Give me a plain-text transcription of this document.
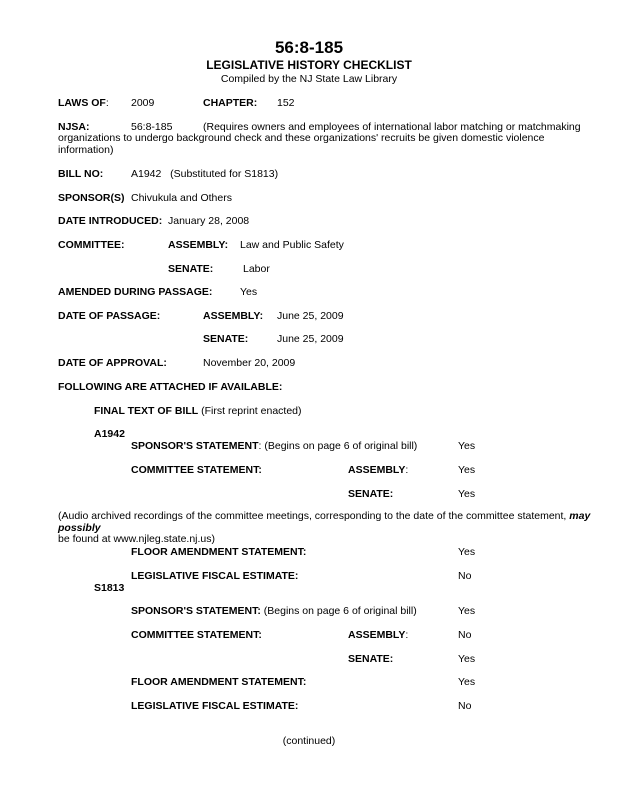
56:8-185
LEGISLATIVE HISTORY CHECKLIST
Compiled by the NJ State Law Library
LAWS OF: 2009	CHAPTER: 152
NJSA:	56:8-185	(Requires owners and employees of international labor matching or matchmaking
organizations to undergo background check and these organizations' recruits be given domestic violence information)
BILL NO:	A1942   (Substituted for S1813)
SPONSOR(S) Chivukula and Others
DATE INTRODUCED: January 28, 2008
COMMITTEE:	ASSEMBLY: Law and Public Safety
SENATE:	Labor
AMENDED DURING PASSAGE:	Yes
DATE OF PASSAGE:	ASSEMBLY: June 25, 2009
SENATE:	June 25, 2009
DATE OF APPROVAL:	November 20, 2009
FOLLOWING ARE ATTACHED IF AVAILABLE:
FINAL TEXT OF BILL (First reprint enacted)
A1942
SPONSOR'S STATEMENT: (Begins on page 6 of original bill)	Yes
COMMITTEE STATEMENT:	ASSEMBLY:	Yes
SENATE:	Yes
(Audio archived recordings of the committee meetings, corresponding to the date of the committee statement, may possibly
be found at www.njleg.state.nj.us)
FLOOR AMENDMENT STATEMENT:	Yes
LEGISLATIVE FISCAL ESTIMATE:	No
S1813
SPONSOR'S STATEMENT: (Begins on page 6 of original bill)	Yes
COMMITTEE STATEMENT:	ASSEMBLY:	No
SENATE:	Yes
FLOOR AMENDMENT STATEMENT:	Yes
LEGISLATIVE FISCAL ESTIMATE:	No
(continued)
